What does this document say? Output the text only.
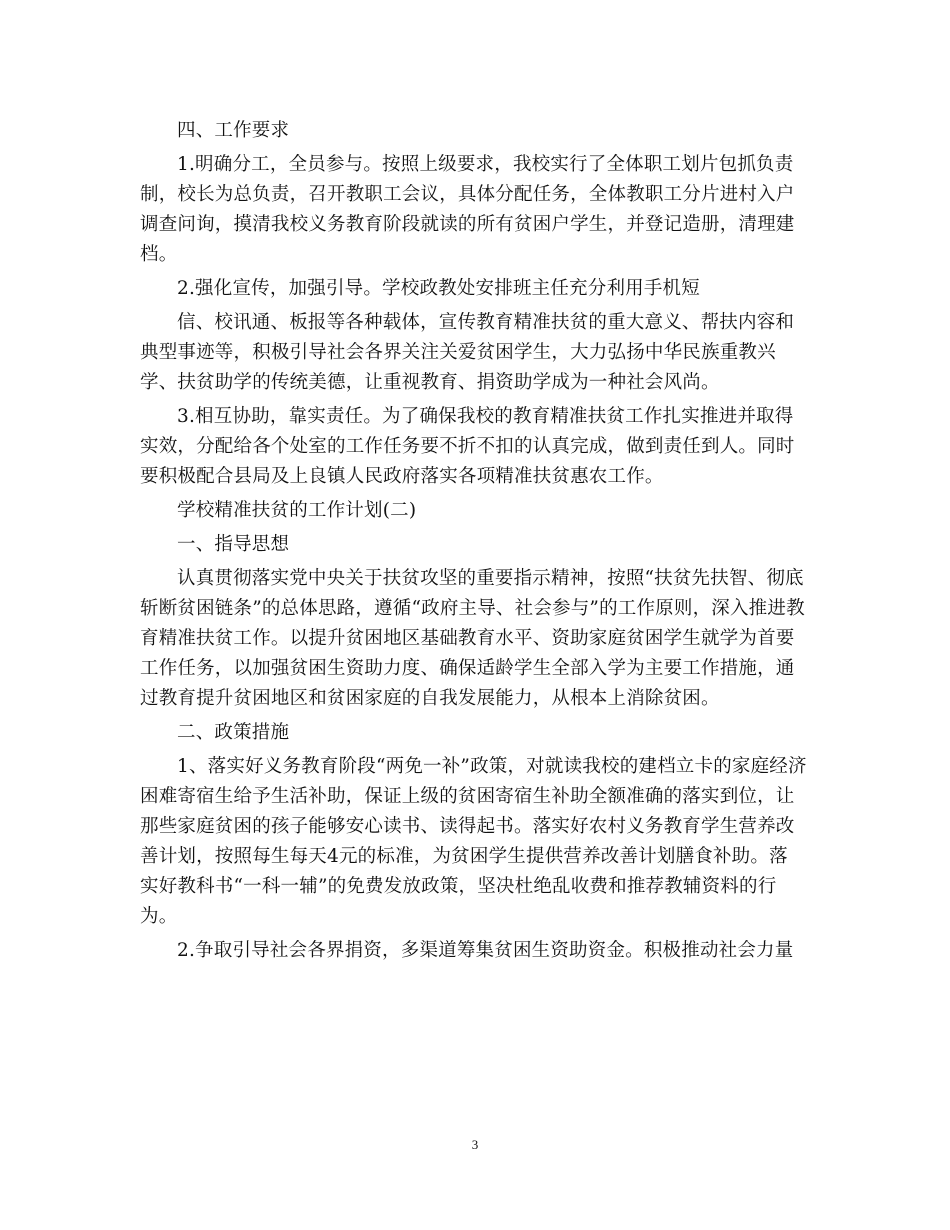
四、工作要求
1.明确分工，全员参与。按照上级要求，我校实行了全体职工划片包抓负责
制，校长为总负责，召开教职工会议，具体分配任务，全体教职工分片进村入户
调查问询，摸清我校义务教育阶段就读的所有贫困户学生，并登记造册，清理建
档。
2.强化宣传，加强引导。学校政教处安排班主任充分利用手机短
信、校讯通、板报等各种载体，宣传教育精准扶贫的重大意义、帮扶内容和
典型事迹等，积极引导社会各界关注关爱贫困学生，大力弘扬中华民族重教兴
学、扶贫助学的传统美德，让重视教育、捐资助学成为一种社会风尚。
3.相互协助，靠实责任。为了确保我校的教育精准扶贫工作扎实推进并取得
实效，分配给各个处室的工作任务要不折不扣的认真完成，做到责任到人。同时
要积极配合县局及上良镇人民政府落实各项精准扶贫惠农工作。
学校精准扶贫的工作计划(二)
一、指导思想
认真贯彻落实党中央关于扶贫攻坚的重要指示精神，按照“扶贫先扶智、彻底
斩断贫困链条”的总体思路，遵循“政府主导、社会参与”的工作原则，深入推进教
育精准扶贫工作。以提升贫困地区基础教育水平、资助家庭贫困学生就学为首要
工作任务，以加强贫困生资助力度、确保适龄学生全部入学为主要工作措施，通
过教育提升贫困地区和贫困家庭的自我发展能力，从根本上消除贫困。
二、政策措施
1、落实好义务教育阶段“两免一补”政策，对就读我校的建档立卡的家庭经济
困难寄宿生给予生活补助，保证上级的贫困寄宿生补助全额准确的落实到位，让
那些家庭贫困的孩子能够安心读书、读得起书。落实好农村义务教育学生营养改
善计划，按照每生每天4元的标准，为贫困学生提供营养改善计划膳食补助。落
实好教科书“一科一辅”的免费发放政策，坚决杜绝乱收费和推荐教辅资料的行
为。
2.争取引导社会各界捐资，多渠道筹集贫困生资助资金。积极推动社会力量
3
